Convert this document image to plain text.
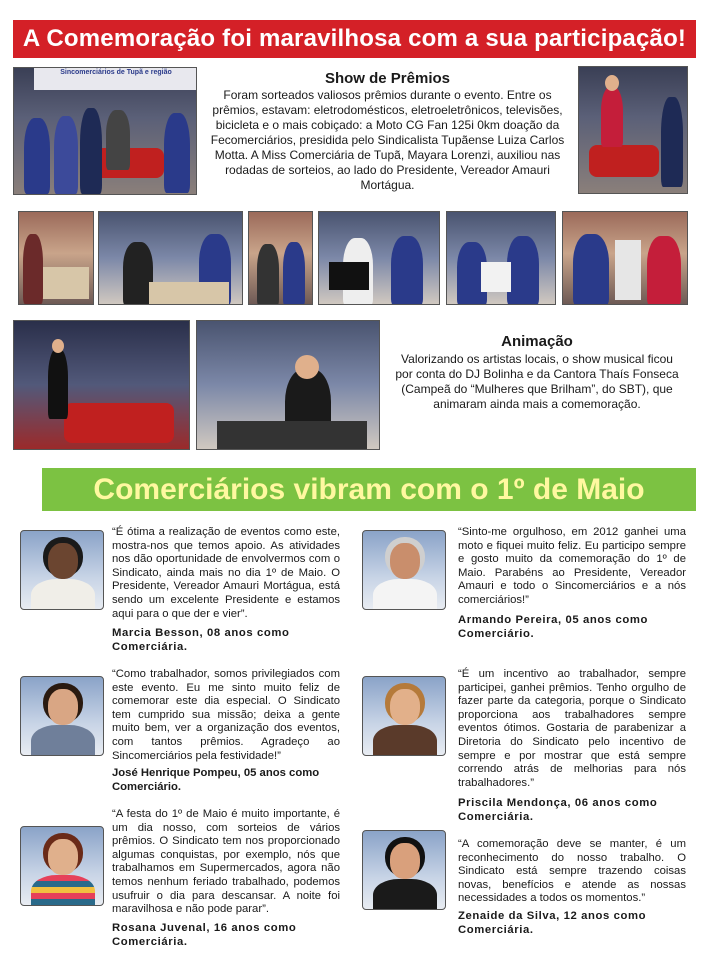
A Comemoração foi maravilhosa com a sua participação!
Sincomerciários de Tupã e região	Show de Prêmios
Foram sorteados valiosos prêmios durante o evento. Entre os prêmios, estavam: eletrodomésticos, eletroeletrônicos, televisões, bicicleta e o mais cobiçado: a Moto CG Fan 125i 0km doação da Fecomerciários, presidida pelo Sindicalista Tupãense Luiza Carlos Motta. A Miss Comerciária de Tupã, Mayara Lorenzi, auxiliou nas rodadas de sorteios, ao lado do Presidente, Vereador Amauri Mortágua.
Animação
Valorizando os artistas locais, o show musical ficou por conta do DJ Bolinha e da Cantora Thaís Fonseca (Campeã do “Mulheres que Brilham”, do SBT), que animaram ainda mais a comemoração.
Comerciários vibram com o 1º de Maio
“É ótima a realização de eventos como este, mostra-nos que temos apoio. As atividades nos dão oportunidade de envolvermos com o Sindicato, ainda mais no dia 1º de Maio. O Presidente, Vereador Amauri Mortágua, está sendo um excelente Presidente e estamos aqui para o que der e vier”.
Marcia Besson, 08 anos como Comerciária.
“Como trabalhador, somos privilegiados com este evento. Eu me sinto muito feliz de comemorar este dia especial. O Sindicato tem cumprido sua missão; deixa a gente muito bem, ver a organização dos eventos, com tantos prêmios. Agradeço ao Sincomerciários pela festividade!”
José Henrique Pompeu, 05 anos como Comerciário.
“A festa do 1º de Maio é muito importante, é um dia nosso, com sorteios de vários prêmios. O Sindicato tem nos proporcionado algumas conquistas, por exemplo, nós que trabalhamos em Supermercados, agora não temos nenhum feriado trabalhado, podemos usufruir o dia para descansar. A noite foi maravilhosa e não pode parar”.
Rosana Juvenal, 16 anos como Comerciária.
“Sinto-me orgulhoso, em 2012 ganhei uma moto e fiquei muito feliz. Eu participo sempre e gosto muito da comemoração do 1º de Maio. Parabéns ao Presidente, Vereador Amauri e todo o Sincomerciários e a nós comerciários!”
Armando Pereira, 05 anos como Comerciário.
“É um incentivo ao trabalhador, sempre participei, ganhei prêmios. Tenho orgulho de fazer parte da categoria, porque o Sindicato proporciona aos trabalhadores sempre eventos ótimos. Gostaria de parabenizar a Diretoria do Sindicato pelo incentivo de sempre e por mostrar que está sempre correndo atrás de melhorias para nós trabalhadores.”
Priscila Mendonça, 06 anos como Comerciária.
“A comemoração deve se manter, é um reconhecimento do nosso trabalho. O Sindicato está sempre trazendo coisas novas, benefícios e atende as nossas necessidades a todos os momentos.”
Zenaide da Silva, 12 anos como Comerciária.
